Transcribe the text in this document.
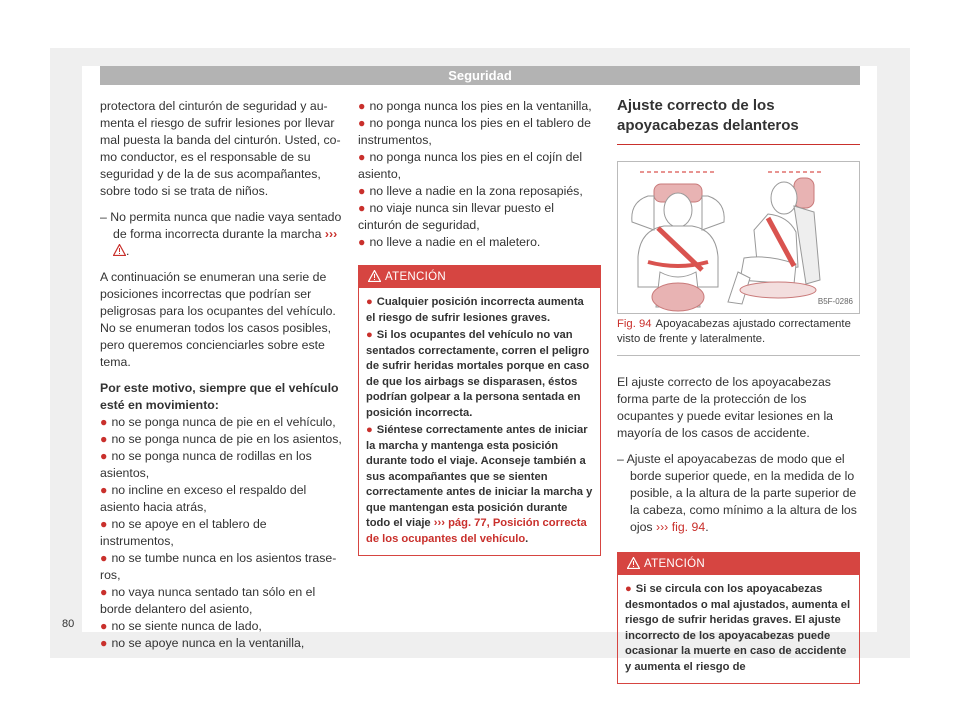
Seguridad

protectora del cinturón de seguridad y aumenta el riesgo de sufrir lesiones por llevar mal puesta la banda del cinturón. Usted, como conductor, es el responsable de su seguridad y de la de sus acompañantes, sobre todo si se trata de niños.

– No permita nunca que nadie vaya sentado de forma incorrecta durante la marcha ››› .

A continuación se enumeran una serie de posiciones incorrectas que podrían ser peligrosas para los ocupantes del vehículo. No se enumeran todos los casos posibles, pero queremos concienciarles sobre este tema.

Por este motivo, siempre que el vehículo esté en movimiento:

● no se ponga nunca de pie en el vehículo,
● no se ponga nunca de pie en los asientos,
● no se ponga nunca de rodillas en los asientos,
● no incline en exceso el respaldo del asiento hacia atrás,
● no se apoye en el tablero de instrumentos,
● no se tumbe nunca en los asientos traseros,
● no vaya nunca sentado tan sólo en el borde delantero del asiento,
● no se siente nunca de lado,
● no se apoye nunca en la ventanilla,
● no ponga nunca los pies en la ventanilla,
● no ponga nunca los pies en el tablero de instrumentos,
● no ponga nunca los pies en el cojín del asiento,
● no lleve a nadie en la zona reposapiés,
● no viaje nunca sin llevar puesto el cinturón de seguridad,
● no lleve a nadie en el maletero.
ATENCIÓN

● Cualquier posición incorrecta aumenta el riesgo de sufrir lesiones graves.

● Si los ocupantes del vehículo no van sentados correctamente, corren el peligro de sufrir heridas mortales porque en caso de que los airbags se disparasen, éstos podrían golpear a la persona sentada en posición incorrecta.

● Siéntese correctamente antes de iniciar la marcha y mantenga esta posición durante todo el viaje. Aconseje también a sus acompañantes que se sienten correctamente antes de iniciar la marcha y que mantengan esta posición durante todo el viaje ››› pág. 77, Posición correcta de los ocupantes del vehículo.

Ajuste correcto de los apoyacabezas delanteros
B5F-0286

Fig. 94 Apoyacabezas ajustado correctamente visto de frente y lateralmente.

El ajuste correcto de los apoyacabezas forma parte de la protección de los ocupantes y puede evitar lesiones en la mayoría de los casos de accidente.

– Ajuste el apoyacabezas de modo que el borde superior quede, en la medida de lo posible, a la altura de la parte superior de la cabeza, como mínimo a la altura de los ojos ››› fig. 94.

ATENCIÓN

● Si se circula con los apoyacabezas desmontados o mal ajustados, aumenta el riesgo de sufrir heridas graves. El ajuste incorrecto de los apoyacabezas puede ocasionar la muerte en caso de accidente y aumenta el riesgo de

80
